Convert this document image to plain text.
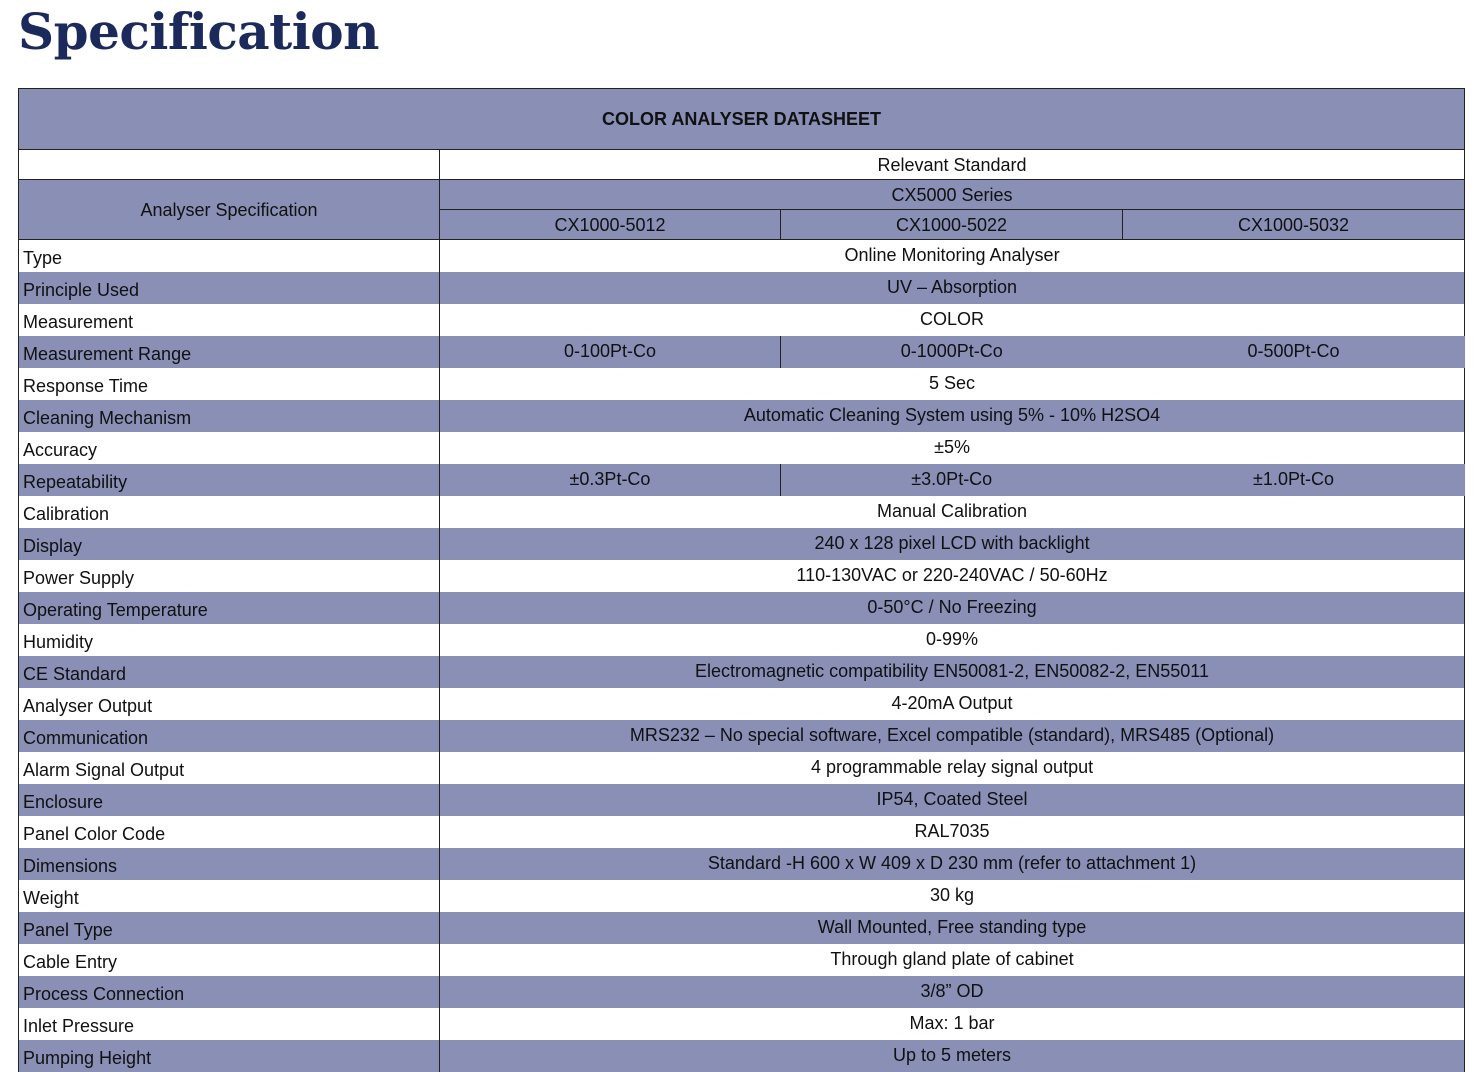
Specification
COLOR ANALYSER DATASHEET			
	Relevant Standard		
Analyser Specification	CX5000 Series		
	CX1000-5012	CX1000-5022	CX1000-5032
Type	Online Monitoring Analyser		
Principle Used	UV – Absorption		
Measurement	COLOR		
Measurement Range	0-100Pt-Co	0-1000Pt-Co	0-500Pt-Co
Response Time	5 Sec		
Cleaning Mechanism	Automatic Cleaning System using 5% - 10% H2SO4		
Accuracy	±5%		
Repeatability	±0.3Pt-Co	±3.0Pt-Co	±1.0Pt-Co
Calibration	Manual Calibration		
Display	240 x 128 pixel LCD with backlight		
Power Supply	110-130VAC or 220-240VAC / 50-60Hz		
Operating Temperature	0-50°C / No Freezing		
Humidity	0-99%		
CE Standard	Electromagnetic compatibility EN50081-2, EN50082-2, EN55011		
Analyser Output	4-20mA Output		
Communication	MRS232 – No special software, Excel compatible (standard), MRS485 (Optional)		
Alarm Signal Output	4 programmable relay signal output		
Enclosure	IP54, Coated Steel		
Panel Color Code	RAL7035		
Dimensions	Standard -H 600 x W 409 x D 230 mm (refer to attachment 1)		
Weight	30 kg		
Panel Type	Wall Mounted, Free standing type		
Cable Entry	Through gland plate of cabinet		
Process Connection	3/8” OD		
Inlet Pressure	Max: 1 bar		
Pumping Height	Up to 5 meters		
